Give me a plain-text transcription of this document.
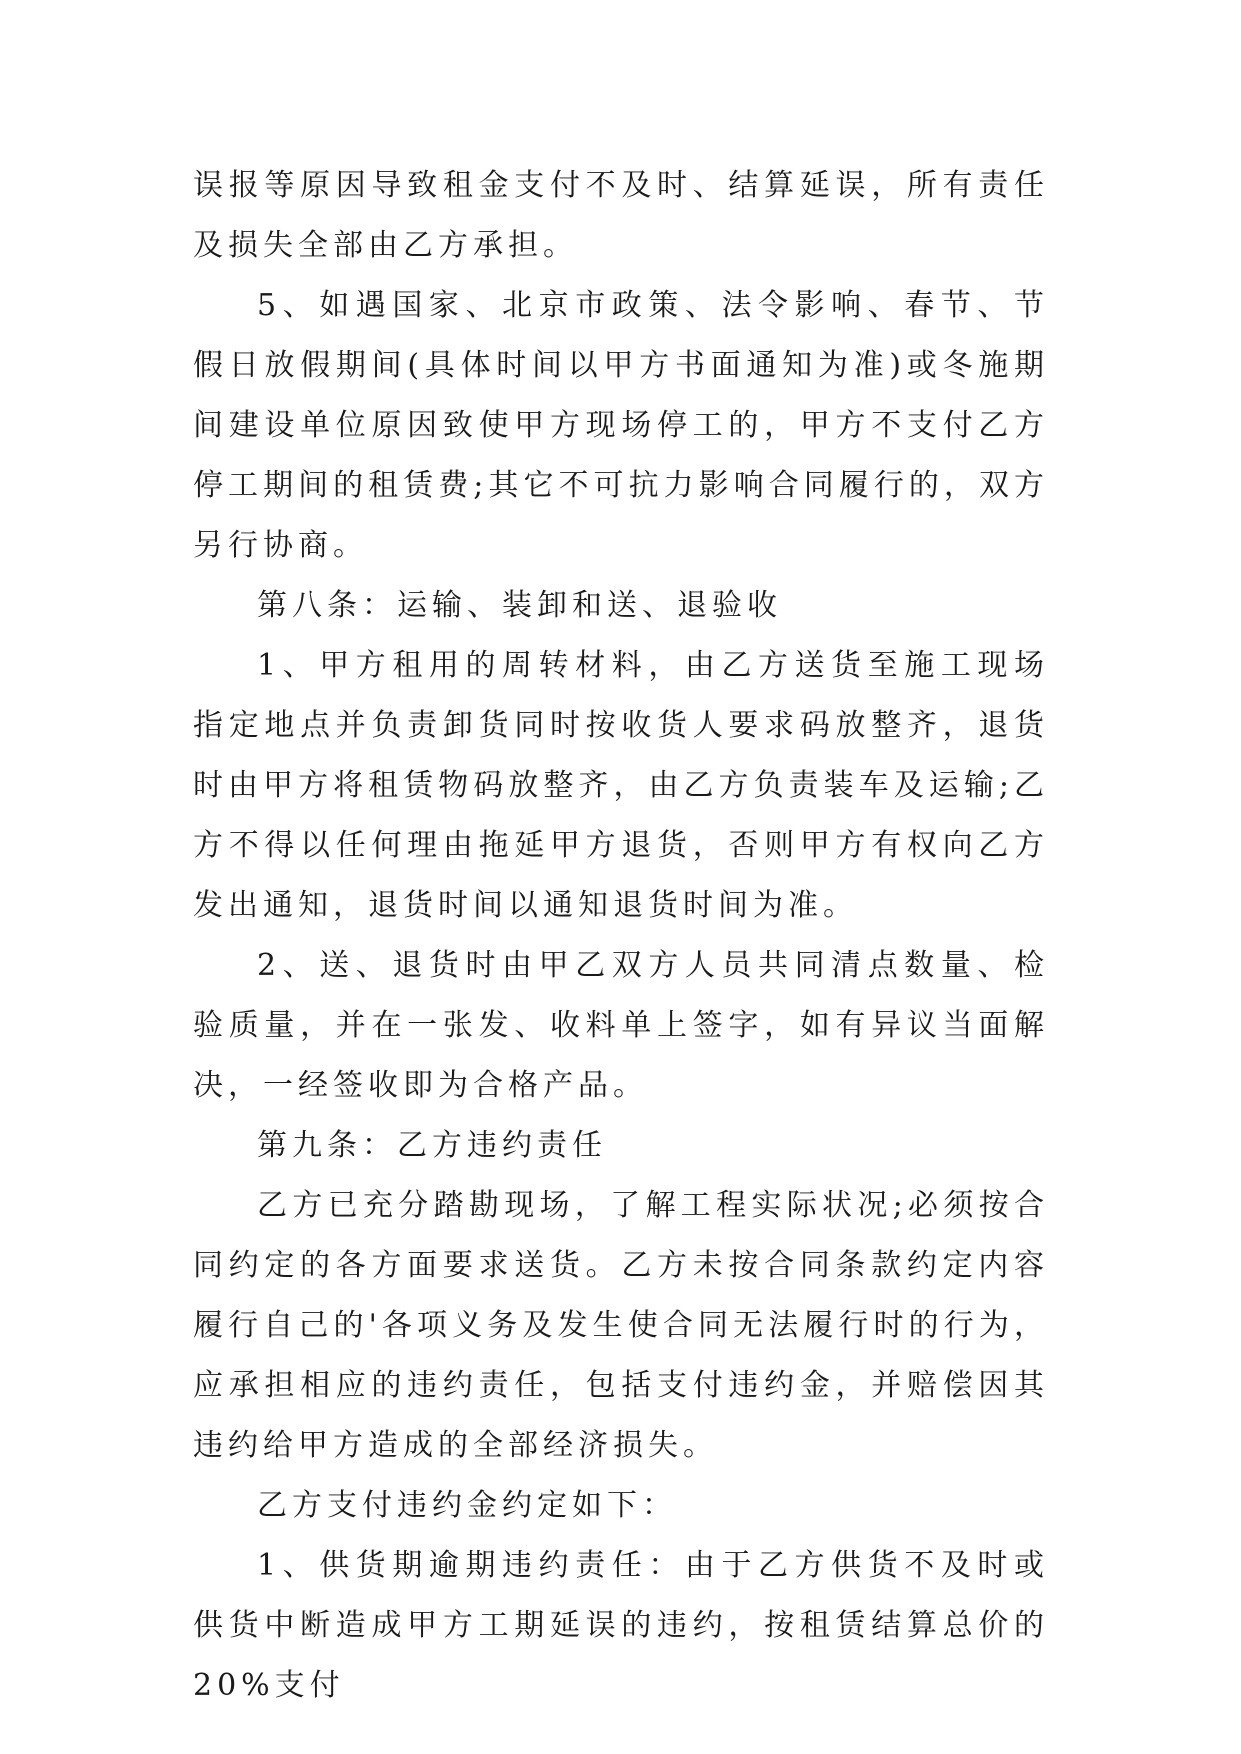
误报等原因导致租金支付不及时、结算延误，所有责任及损失全部由乙方承担。

5、如遇国家、北京市政策、法令影响、春节、节假日放假期间(具体时间以甲方书面通知为准)或冬施期间建设单位原因致使甲方现场停工的，甲方不支付乙方停工期间的租赁费;其它不可抗力影响合同履行的，双方另行协商。

第八条：运输、装卸和送、退验收

1、甲方租用的周转材料，由乙方送货至施工现场指定地点并负责卸货同时按收货人要求码放整齐，退货时由甲方将租赁物码放整齐，由乙方负责装车及运输;乙方不得以任何理由拖延甲方退货，否则甲方有权向乙方发出通知，退货时间以通知退货时间为准。

2、送、退货时由甲乙双方人员共同清点数量、检验质量，并在一张发、收料单上签字，如有异议当面解决，一经签收即为合格产品。

第九条：乙方违约责任

乙方已充分踏勘现场，了解工程实际状况;必须按合同约定的各方面要求送货。乙方未按合同条款约定内容履行自己的'各项义务及发生使合同无法履行时的行为，应承担相应的违约责任，包括支付违约金，并赔偿因其违约给甲方造成的全部经济损失。

乙方支付违约金约定如下：

1、供货期逾期违约责任：由于乙方供货不及时或供货中断造成甲方工期延误的违约，按租赁结算总价的20%支付
